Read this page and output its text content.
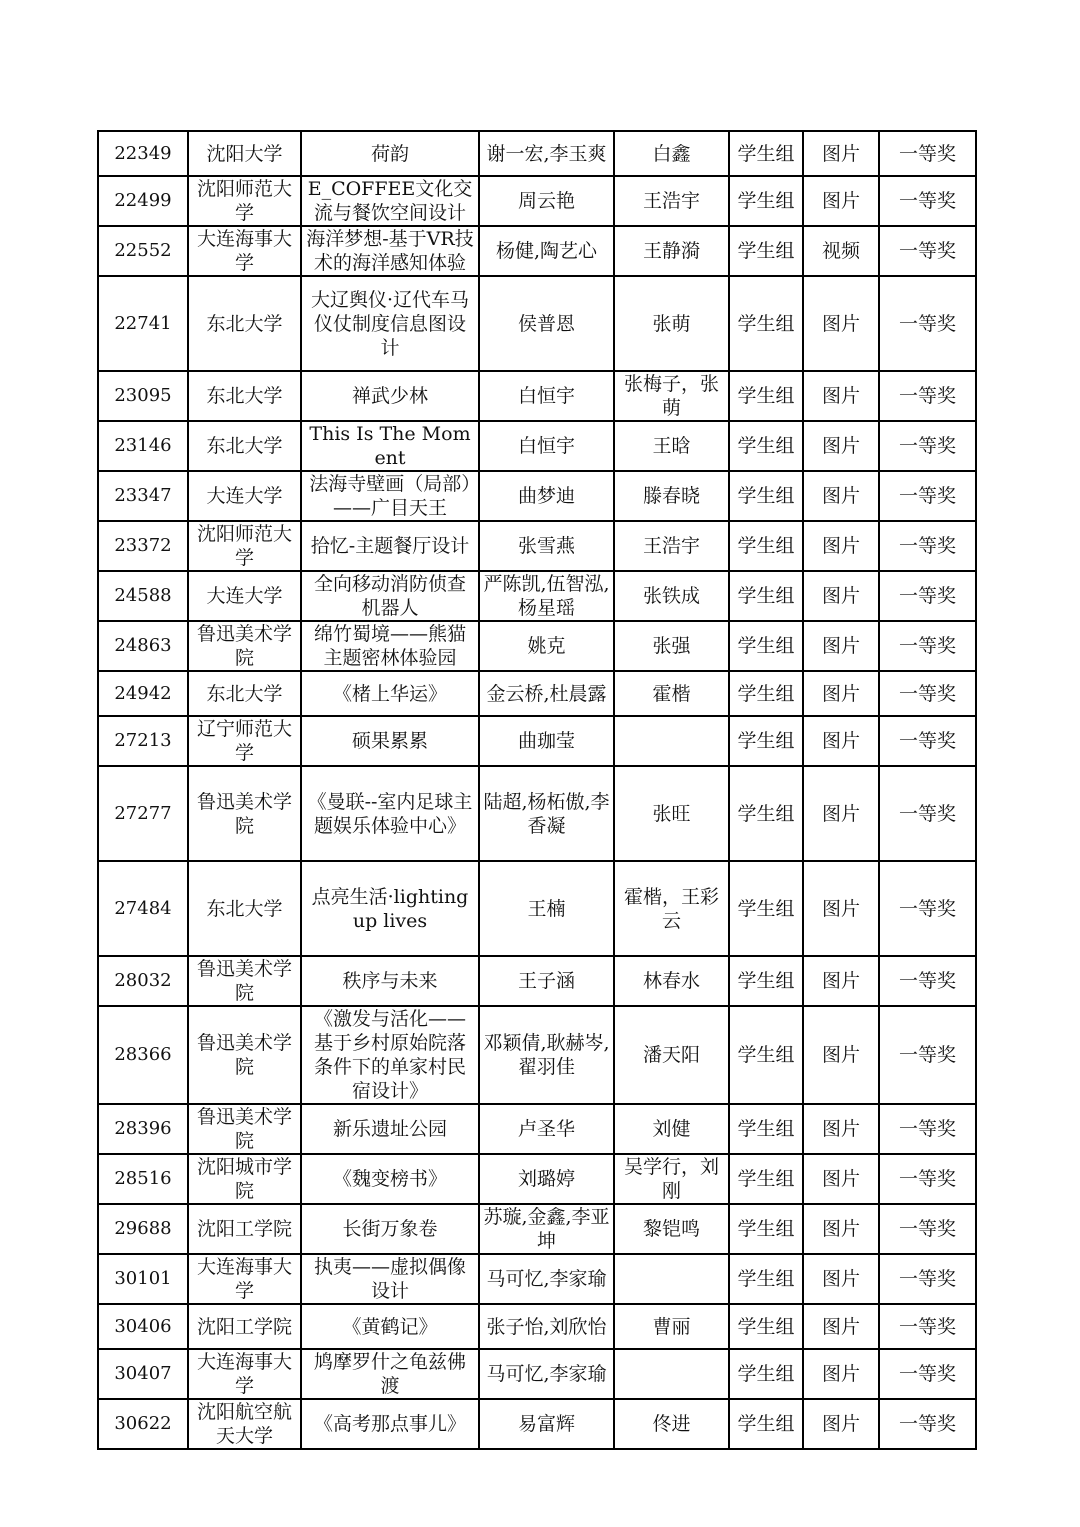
22349	沈阳大学	荷韵	谢一宏,李玉爽	白鑫	学生组	图片	一等奖
22499	沈阳师范大学	E_COFFEE文化交流与餐饮空间设计	周云艳	王浩宇	学生组	图片	一等奖
22552	大连海事大学	海洋梦想-基于VR技术的海洋感知体验	杨健,陶艺心	王静漪	学生组	视频	一等奖
22741	东北大学	大辽舆仪·辽代车马仪仗制度信息图设计	侯普恩	张萌	学生组	图片	一等奖
23095	东北大学	禅武少林	白恒宇	张梅子，张萌	学生组	图片	一等奖
23146	东北大学	This Is The Moment	白恒宇	王晗	学生组	图片	一等奖
23347	大连大学	法海寺壁画（局部）——广目天王	曲梦迪	滕春晓	学生组	图片	一等奖
23372	沈阳师范大学	拾忆-主题餐厅设计	张雪燕	王浩宇	学生组	图片	一等奖
24588	大连大学	全向移动消防侦查机器人	严陈凯,伍智泓,杨星瑶	张铁成	学生组	图片	一等奖
24863	鲁迅美术学院	绵竹蜀境——熊猫主题密林体验园	姚克	张强	学生组	图片	一等奖
24942	东北大学	《楮上华运》	金云桥,杜晨露	霍楷	学生组	图片	一等奖
27213	辽宁师范大学	硕果累累	曲珈莹		学生组	图片	一等奖
27277	鲁迅美术学院	《曼联--室内足球主题娱乐体验中心》	陆超,杨柘傲,李香凝	张旺	学生组	图片	一等奖
27484	东北大学	点亮生活·lighting up lives	王楠	霍楷，王彩云	学生组	图片	一等奖
28032	鲁迅美术学院	秩序与未来	王子涵	林春水	学生组	图片	一等奖
28366	鲁迅美术学院	《激发与活化——基于乡村原始院落条件下的单家村民宿设计》	邓颖倩,耿赫岑,翟羽佳	潘天阳	学生组	图片	一等奖
28396	鲁迅美术学院	新乐遗址公园	卢圣华	刘健	学生组	图片	一等奖
28516	沈阳城市学院	《魏变榜书》	刘璐婷	吴学行，刘刚	学生组	图片	一等奖
29688	沈阳工学院	长街万象卷	苏璇,金鑫,李亚坤	黎铠鸣	学生组	图片	一等奖
30101	大连海事大学	执夷——虚拟偶像设计	马可忆,李家瑜		学生组	图片	一等奖
30406	沈阳工学院	《黄鹤记》	张子怡,刘欣怡	曹丽	学生组	图片	一等奖
30407	大连海事大学	鸠摩罗什之龟兹佛渡	马可忆,李家瑜		学生组	图片	一等奖
30622	沈阳航空航天大学	《高考那点事儿》	易富辉	佟进	学生组	图片	一等奖
